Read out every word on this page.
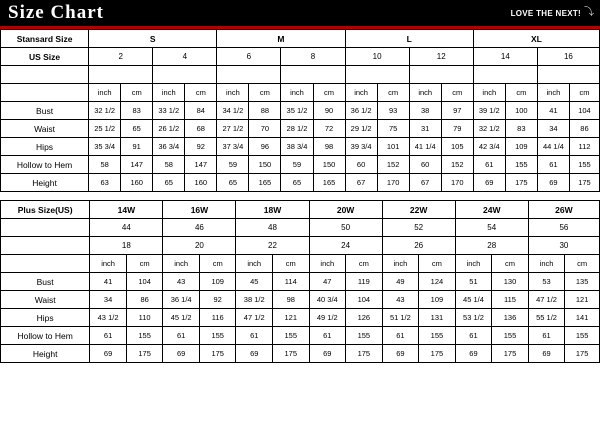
Size Chart	LOVE THE NEXT! ⤵
Stansard Size	S				M				L				XL			
US Size	2		4		6		8		10		12		14		16	

	inch	cm	inch	cm	inch	cm	inch	cm	inch	cm	inch	cm	inch	cm	inch	cm
Bust	32 1/2	83	33 1/2	84	34 1/2	88	35 1/2	90	36 1/2	93	38	97	39 1/2	100	41	104
Waist	25 1/2	65	26 1/2	68	27 1/2	70	28 1/2	72	29 1/2	75	31	79	32 1/2	83	34	86
Hips	35 3/4	91	36 3/4	92	37 3/4	96	38 3/4	98	39 3/4	101	41 1/4	105	42 3/4	109	44 1/4	112
Hollow to Hem	58	147	58	147	59	150	59	150	60	152	60	152	61	155	61	155
Height	63	160	65	160	65	165	65	165	67	170	67	170	69	175	69	175
Plus Size(US)	14W		16W		18W		20W		22W		24W		26W	
	44		46		48		50		52		54		56	
	18		20		22		24		26		28		30	
	inch	cm	inch	cm	inch	cm	inch	cm	inch	cm	inch	cm	inch	cm
Bust	41	104	43	109	45	114	47	119	49	124	51	130	53	135
Waist	34	86	36 1/4	92	38 1/2	98	40 3/4	104	43	109	45 1/4	115	47 1/2	121
Hips	43 1/2	110	45 1/2	116	47 1/2	121	49 1/2	126	51 1/2	131	53 1/2	136	55 1/2	141
Hollow to Hem	61	155	61	155	61	155	61	155	61	155	61	155	61	155
Height	69	175	69	175	69	175	69	175	69	175	69	175	69	175
